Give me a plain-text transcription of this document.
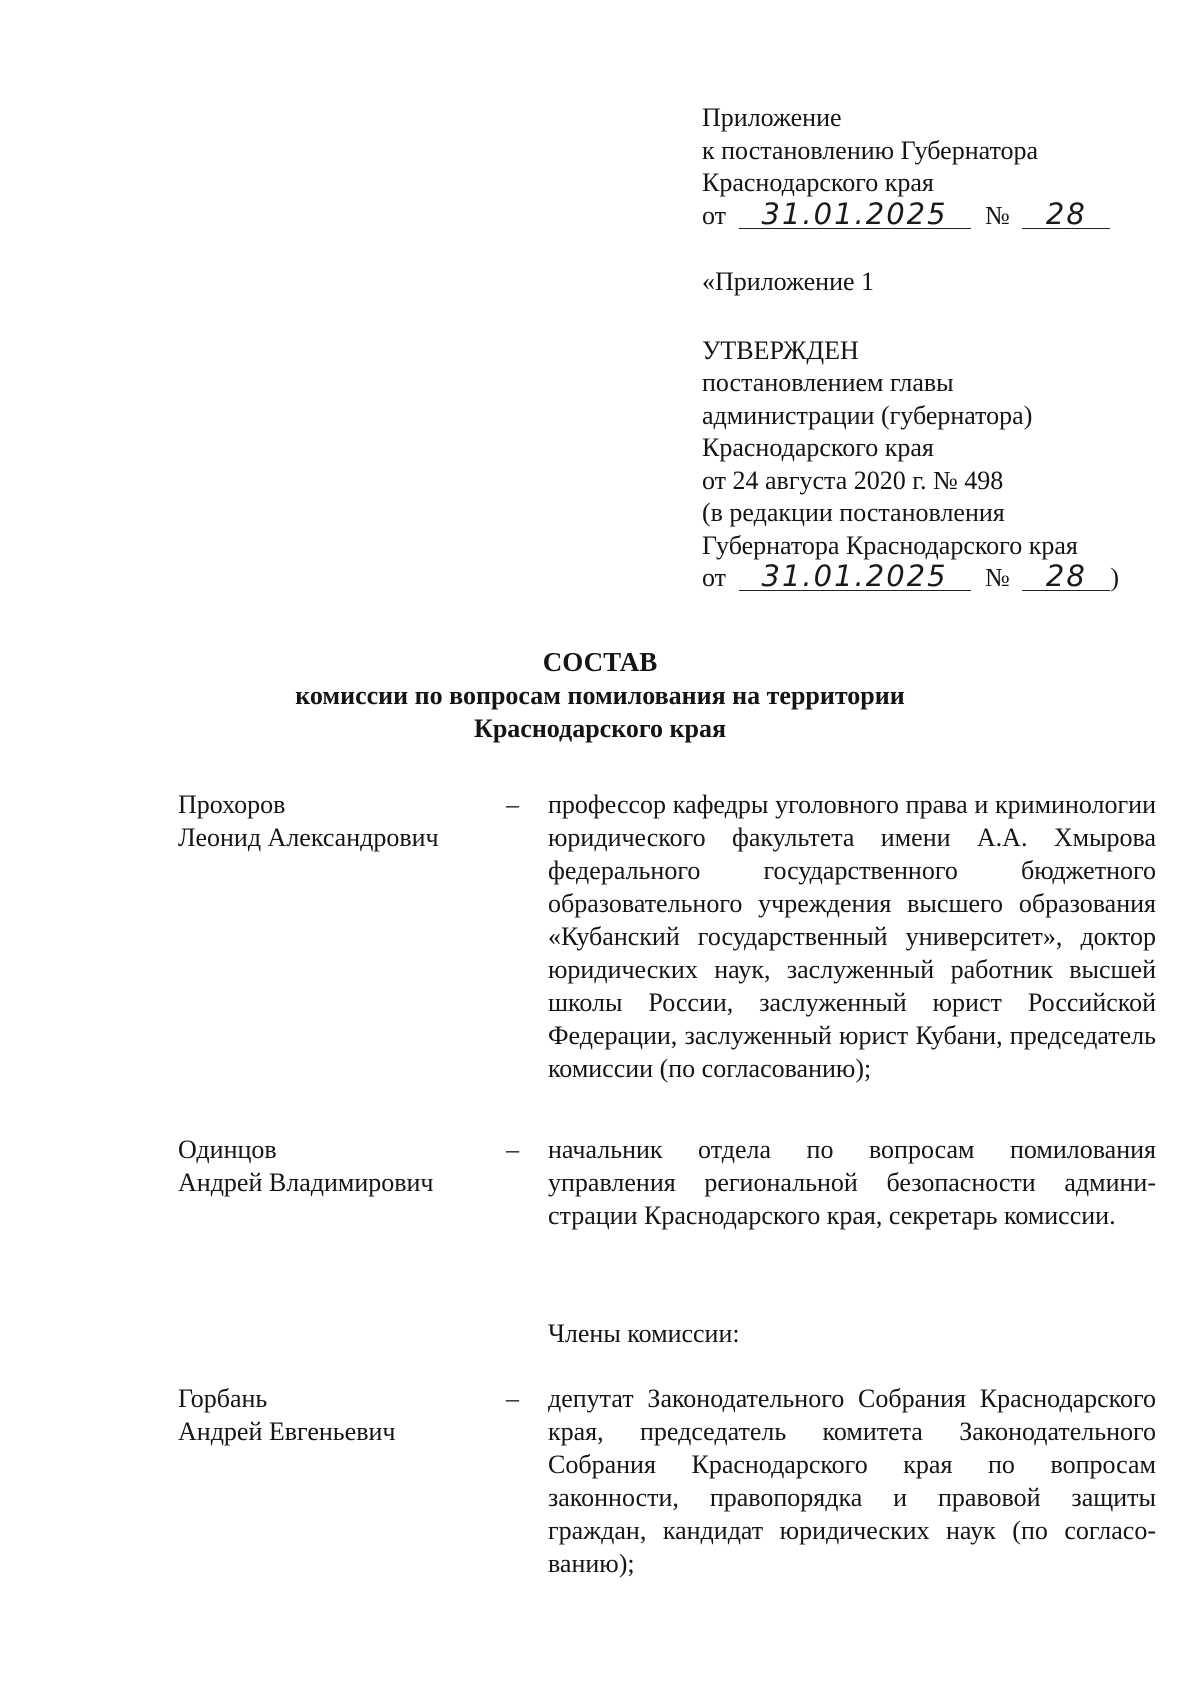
Приложение
к постановлению Губернатора
Краснодарского края
от 31.01.2025 № 28
«Приложение 1
УТВЕРЖДЕН
постановлением главы
администрации (губернатора)
Краснодарского края
от 24 августа 2020 г. № 498
(в редакции постановления
Губернатора Краснодарского края
от 31.01.2025 № 28 )
СОСТАВ
комиссии по вопросам помилования на территории
Краснодарского края
Прохоров
Леонид Александрович
– профессор кафедры уголовного права и криминологии юридического факультета имени А.А. Хмырова федерального государственного бюджетного образовательного учреждения высшего образования «Кубанский государственный университет», доктор юридических наук, заслуженный работник высшей школы России, заслуженный юрист Российской Федерации, заслуженный юрист Кубани, председатель комиссии (по согласованию);
Одинцов
Андрей Владимирович
– начальник отдела по вопросам помилования управления региональной безопасности администрации Краснодарского края, секретарь комиссии.
Члены комиссии:
Горбань
Андрей Евгеньевич
– депутат Законодательного Собрания Краснодарского края, председатель комитета Законодательного Собрания Краснодарского края по вопросам законности, правопорядка и правовой защиты граждан, кандидат юридических наук (по согласованию);
